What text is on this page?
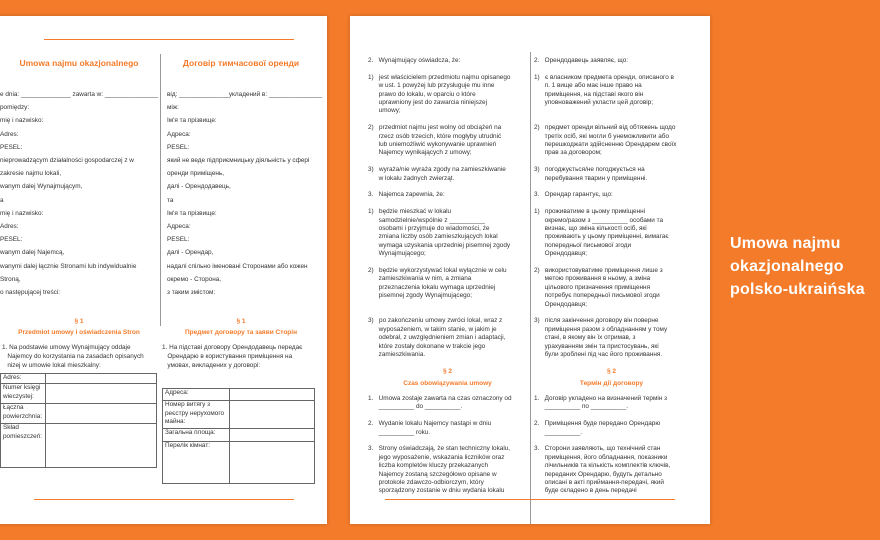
Umowa najmu okazjonalnego	Договір тимчасової оренди
e dnia: ______________ zawarta w: _______________
pomiędzy:
mię i nazwisko:
Adres:
PESEL:
nieprowadzącym działalności gospodarczej z w
zakresie najmu lokali,
wanym dalej Wynajmującym,
a
mię i nazwisko:
Adres:
PESEL:
wanym dalej Najemcą,
wanymi dalej łącznie Stronami lub indywidualnie
Stroną,
o następującej treści:
від: ______________укладений в: _______________
між:
Ім'я та прізвище:
Адреса:
PESEL:
який не веде підприємницьку діяльність у сфері
оренди приміщень,
далі - Орендодавець,
та
Ім'я та прізвище:
Адреса:
PESEL:
далі - Орендар,
надалі спільно іменовані Сторонами або кожен
окремо - Сторона,
з таким змістом:
§ 1
Przedmiot umowy i oświadczenia Stron
§ 1
Предмет договору та заяви Сторін
1. Na podstawie umowy Wynajmujący oddaje
Najemcy do korzystania na zasadach opisanych
nizej w umowie lokal mieszkalny:
1. На підставі договору Орендодавець передає
Орендарю в користування приміщення на
умовах, викладених у договорі:
Adres:	
Numer księgi wieczystej:	
Łączna powierzchnia:	
Skład pomieszczeń:	
Адреса:	
Номер витягу з реєстру нерухомого майна:	
Загальна площа:	
Перелік кімнат:	
2.   Wynajmujący oświadcza, że:
1)   jest właścicielem przedmiotu najmu opisanego
w ust. 1 powyżej lub przysługuje mu inne
prawo do lokalu, w oparciu o które
uprawniony jest do zawarcia niniejszej
umowy;
2)   przedmiot najmu jest wolny od obciążeń na
rzecz osób trzecich, które mogłyby utrudnić
lub uniemożliwić wykonywanie uprawnień
Najemcy wynikających z umowy;
3)   wyraża/nie wyraża zgody na zamieszkiwanie
w lokalu żadnych zwierząt.
3.   Najemca zapewnia, że:
1)   będzie mieszkać w lokalu
samodzielnie/wspólnie z __________
osobami i przyjmuje do wiadomości, że
zmiana liczby osób zamieszkujących lokal
wymaga uzyskania uprzedniej pisemnej zgody
Wynajmującego;
2)   będzie wykorzystywać lokal wyłącznie w celu
zamieszkiwania w nim, a zmiana
przeznaczenia lokalu wymaga uprzedniej
pisemnej zgody Wynajmującego;
3)   po zakończeniu umowy zwróci lokal, wraz z
wyposażeniem, w takim stanie, w jakim je
odebrał, z uwzględnieniem zmian i adaptacji,
które zostały dokonane w trakcie jego
zamieszkiwania.
2.   Орендодавець заявляє, що:
1)   є власником предмета оренди, описаного в
п. 1 вище або має інше право на
приміщення, на підставі якого він
уповноважений укласти цей договір;
2)   предмет оренди вільний від обтяжень щодо
третіх осіб, які могли б унеможливити або
перешкоджати здійсненню Орендарем своїх
прав за договором;
3)   погоджується/не погоджується на
перебування тварин у приміщенні.
3.   Орендар гарантує, що:
1)   проживатиме в цьому приміщенні
окремо/разом з __________ особами та
визнає, що зміна кількості осіб, які
проживають у цьому приміщенні, вимагає
попередньої письмової згоди
Орендодавця;
2)   використовуватиме приміщення лише з
метою проживання в ньому, а зміна
цільового призначення приміщення
потребує попередньої письмової згоди
Орендодавця;
3)   після закінчення договору він поверне
приміщення разом з обладнанням у тому
стані, в якому він їх отримав, з
урахуванням змін та пристосувань, які
були зроблені під час його проживання.
§ 2
Czas obowiązywania umowy
§ 2
Термін дії договору
1.   Umowa zostaje zawarta na czas oznaczony od
__________ do __________.
2.   Wydanie lokalu Najemcy nastąpi w dniu
__________ roku.
3.   Strony oświadczają, że stan techniczny lokalu,
jego wyposażenie, wskazania liczników oraz
liczba kompletów kluczy przekazanych
Najemcy zostaną szczegółowo opisane w
protokole zdawczo-odbiorczym, który
sporządzony zostanie w dniu wydania lokalu
1.   Договір укладено на визначений термін з
__________ по __________.
2.   Приміщення буде передано Орендарю
__________.
3.   Сторони заявляють, що технічний стан
приміщення, його обладнання, показники
лічильників та кількість комплектів ключів,
переданих Орендарю, будуть детально
описані в акті приймання-передачі, який
буде складено в день передачі
Umowa najmu
okazjonalnego
polsko-ukraińska
